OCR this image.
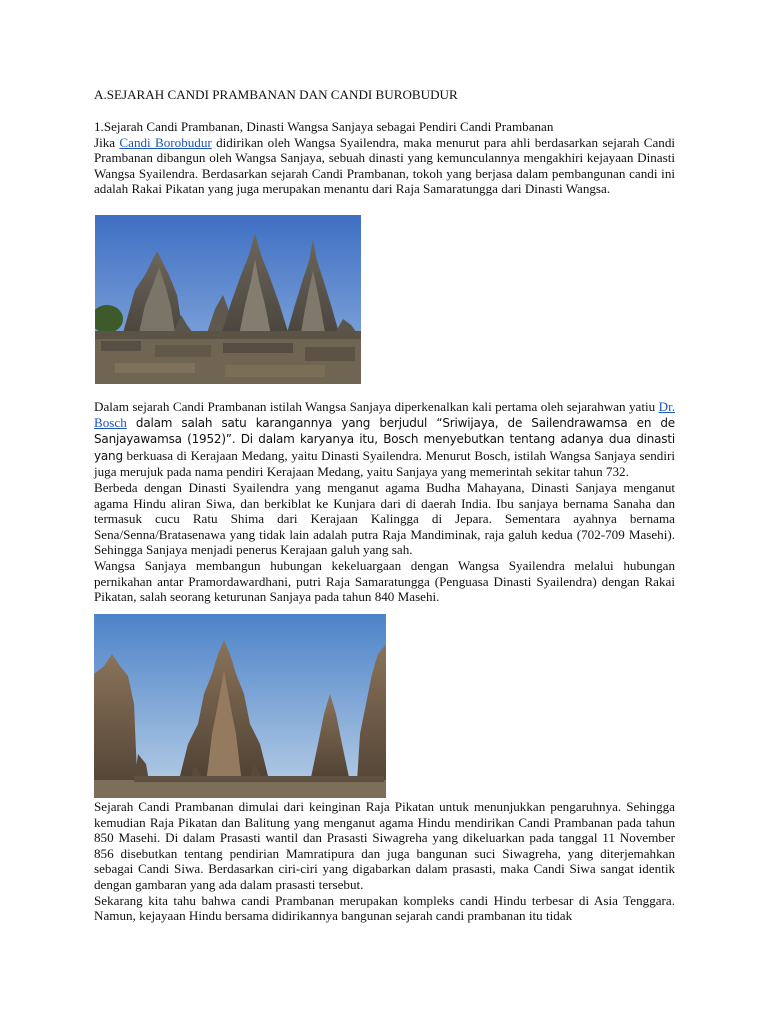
A.SEJARAH CANDI PRAMBANAN DAN CANDI BUROBUDUR

1.Sejarah Candi Prambanan, Dinasti Wangsa Sanjaya sebagai Pendiri Candi Prambanan

Jika Candi Borobudur didirikan oleh Wangsa Syailendra, maka menurut para ahli berdasarkan sejarah Candi Prambanan dibangun oleh Wangsa Sanjaya, sebuah dinasti yang kemunculannya mengakhiri kejayaan Dinasti Wangsa Syailendra. Berdasarkan sejarah Candi Prambanan, tokoh yang berjasa dalam pembangunan candi ini adalah Rakai Pikatan yang juga merupakan menantu dari Raja Samaratungga dari Dinasti Wangsa.

Dalam sejarah Candi Prambanan istilah Wangsa Sanjaya diperkenalkan kali pertama oleh sejarahwan yatiu Dr. Bosch dalam salah satu karangannya yang berjudul “Sriwijaya, de Sailendrawamsa en de Sanjayawamsa (1952)”. Di dalam karyanya itu, Bosch menyebutkan tentang adanya dua dinasti yang berkuasa di Kerajaan Medang, yaitu Dinasti Syailendra. Menurut Bosch, istilah Wangsa Sanjaya sendiri juga merujuk pada nama pendiri Kerajaan Medang, yaitu Sanjaya yang memerintah sekitar tahun 732.

Berbeda dengan Dinasti Syailendra yang menganut agama Budha Mahayana, Dinasti Sanjaya menganut agama Hindu aliran Siwa, dan berkiblat ke Kunjara dari di daerah India. Ibu sanjaya bernama Sanaha dan termasuk cucu Ratu Shima dari Kerajaan Kalingga di Jepara. Sementara ayahnya bernama Sena/Senna/Bratasenawa yang tidak lain adalah putra Raja Mandiminak, raja galuh kedua (702-709 Masehi). Sehingga Sanjaya menjadi penerus Kerajaan galuh yang sah.

Wangsa Sanjaya membangun hubungan kekeluargaan dengan Wangsa Syailendra melalui hubungan pernikahan antar Pramordawardhani, putri Raja Samaratungga (Penguasa Dinasti Syailendra) dengan Rakai Pikatan, salah seorang keturunan Sanjaya pada tahun 840 Masehi.

Sejarah Candi Prambanan dimulai dari keinginan Raja Pikatan untuk menunjukkan pengaruhnya. Sehingga kemudian Raja Pikatan dan Balitung yang menganut agama Hindu mendirikan Candi Prambanan pada tahun 850 Masehi. Di dalam Prasasti wantil dan Prasasti Siwagreha yang dikeluarkan pada tanggal 11 November 856 disebutkan tentang pendirian Mamratipura dan juga bangunan suci Siwagreha, yang diterjemahkan sebagai Candi Siwa. Berdasarkan ciri-ciri yang digabarkan dalam prasasti, maka Candi Siwa sangat identik dengan gambaran yang ada dalam prasasti tersebut.

Sekarang kita tahu bahwa candi Prambanan merupakan kompleks candi Hindu terbesar di Asia Tenggara. Namun, kejayaan Hindu bersama didirikannya bangunan sejarah candi prambanan itu tidak
